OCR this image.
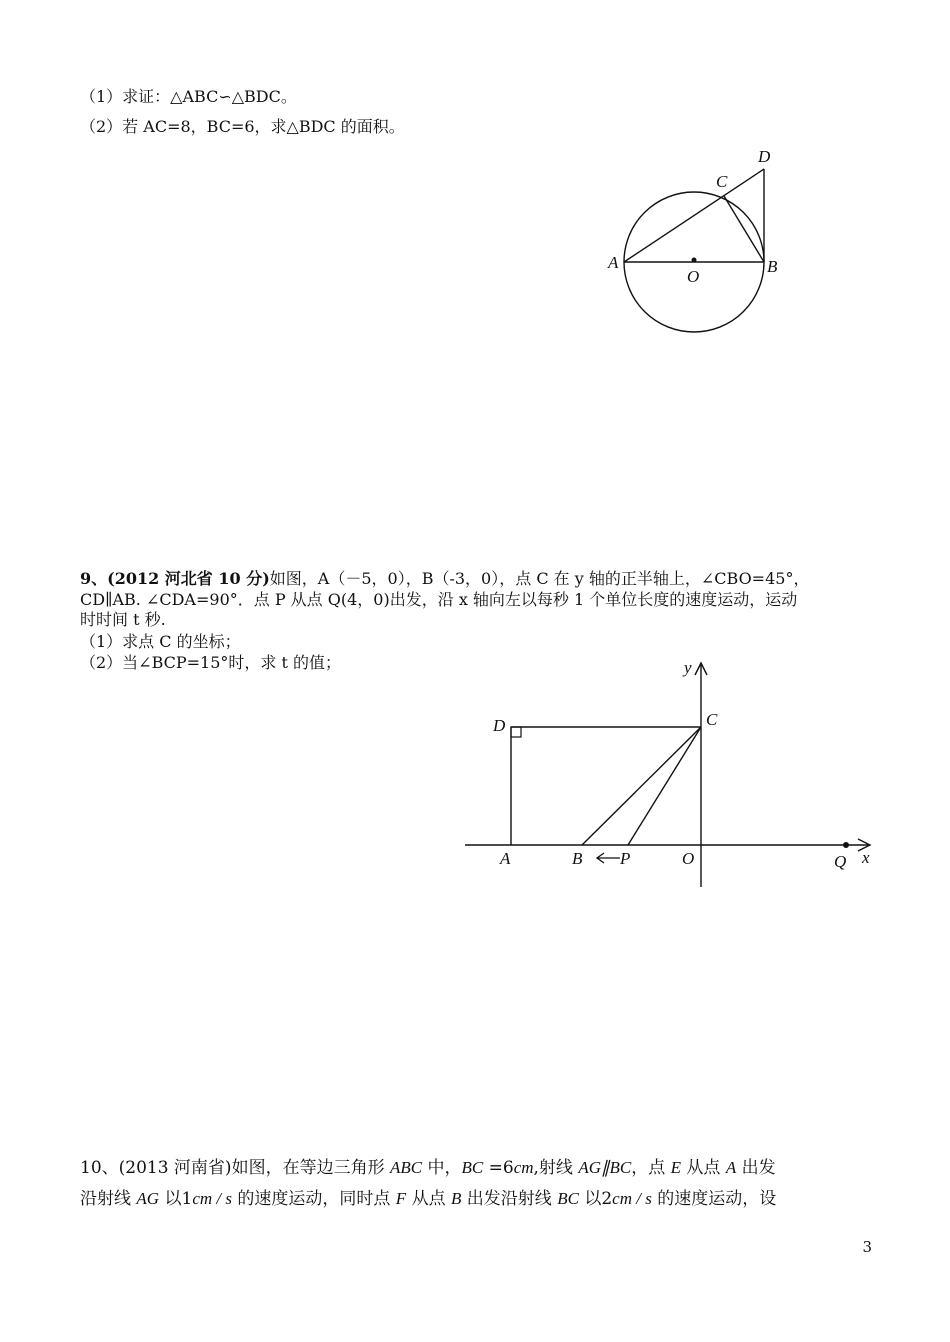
（1）求证：△ABC∽△BDC。
（2）若 AC=8，BC=6，求△BDC 的面积。
A	B
C
D
O
9、(2012 河北省 10 分)如图，A（－5，0），B（-3，0），点 C 在 y 轴的正半轴上，∠CBO=45°，
CD∥AB. ∠CDA=90°．点 P 从点 Q(4，0)出发，沿 x 轴向左以每秒 1 个单位长度的速度运动，运动
时时间 t 秒.
（1）求点 C 的坐标；
（2）当∠BCP=15°时，求 t 的值；	y
x
C
D
A	B P	O	Q
10、(2013 河南省)如图，在等边三角形 ABC 中，BC =6cm,射线 AG∥BC，点 E 从点 A 出发
沿射线 AG 以1cm / s 的速度运动，同时点 F 从点 B 出发沿射线 BC 以2cm / s 的速度运动，设
3
